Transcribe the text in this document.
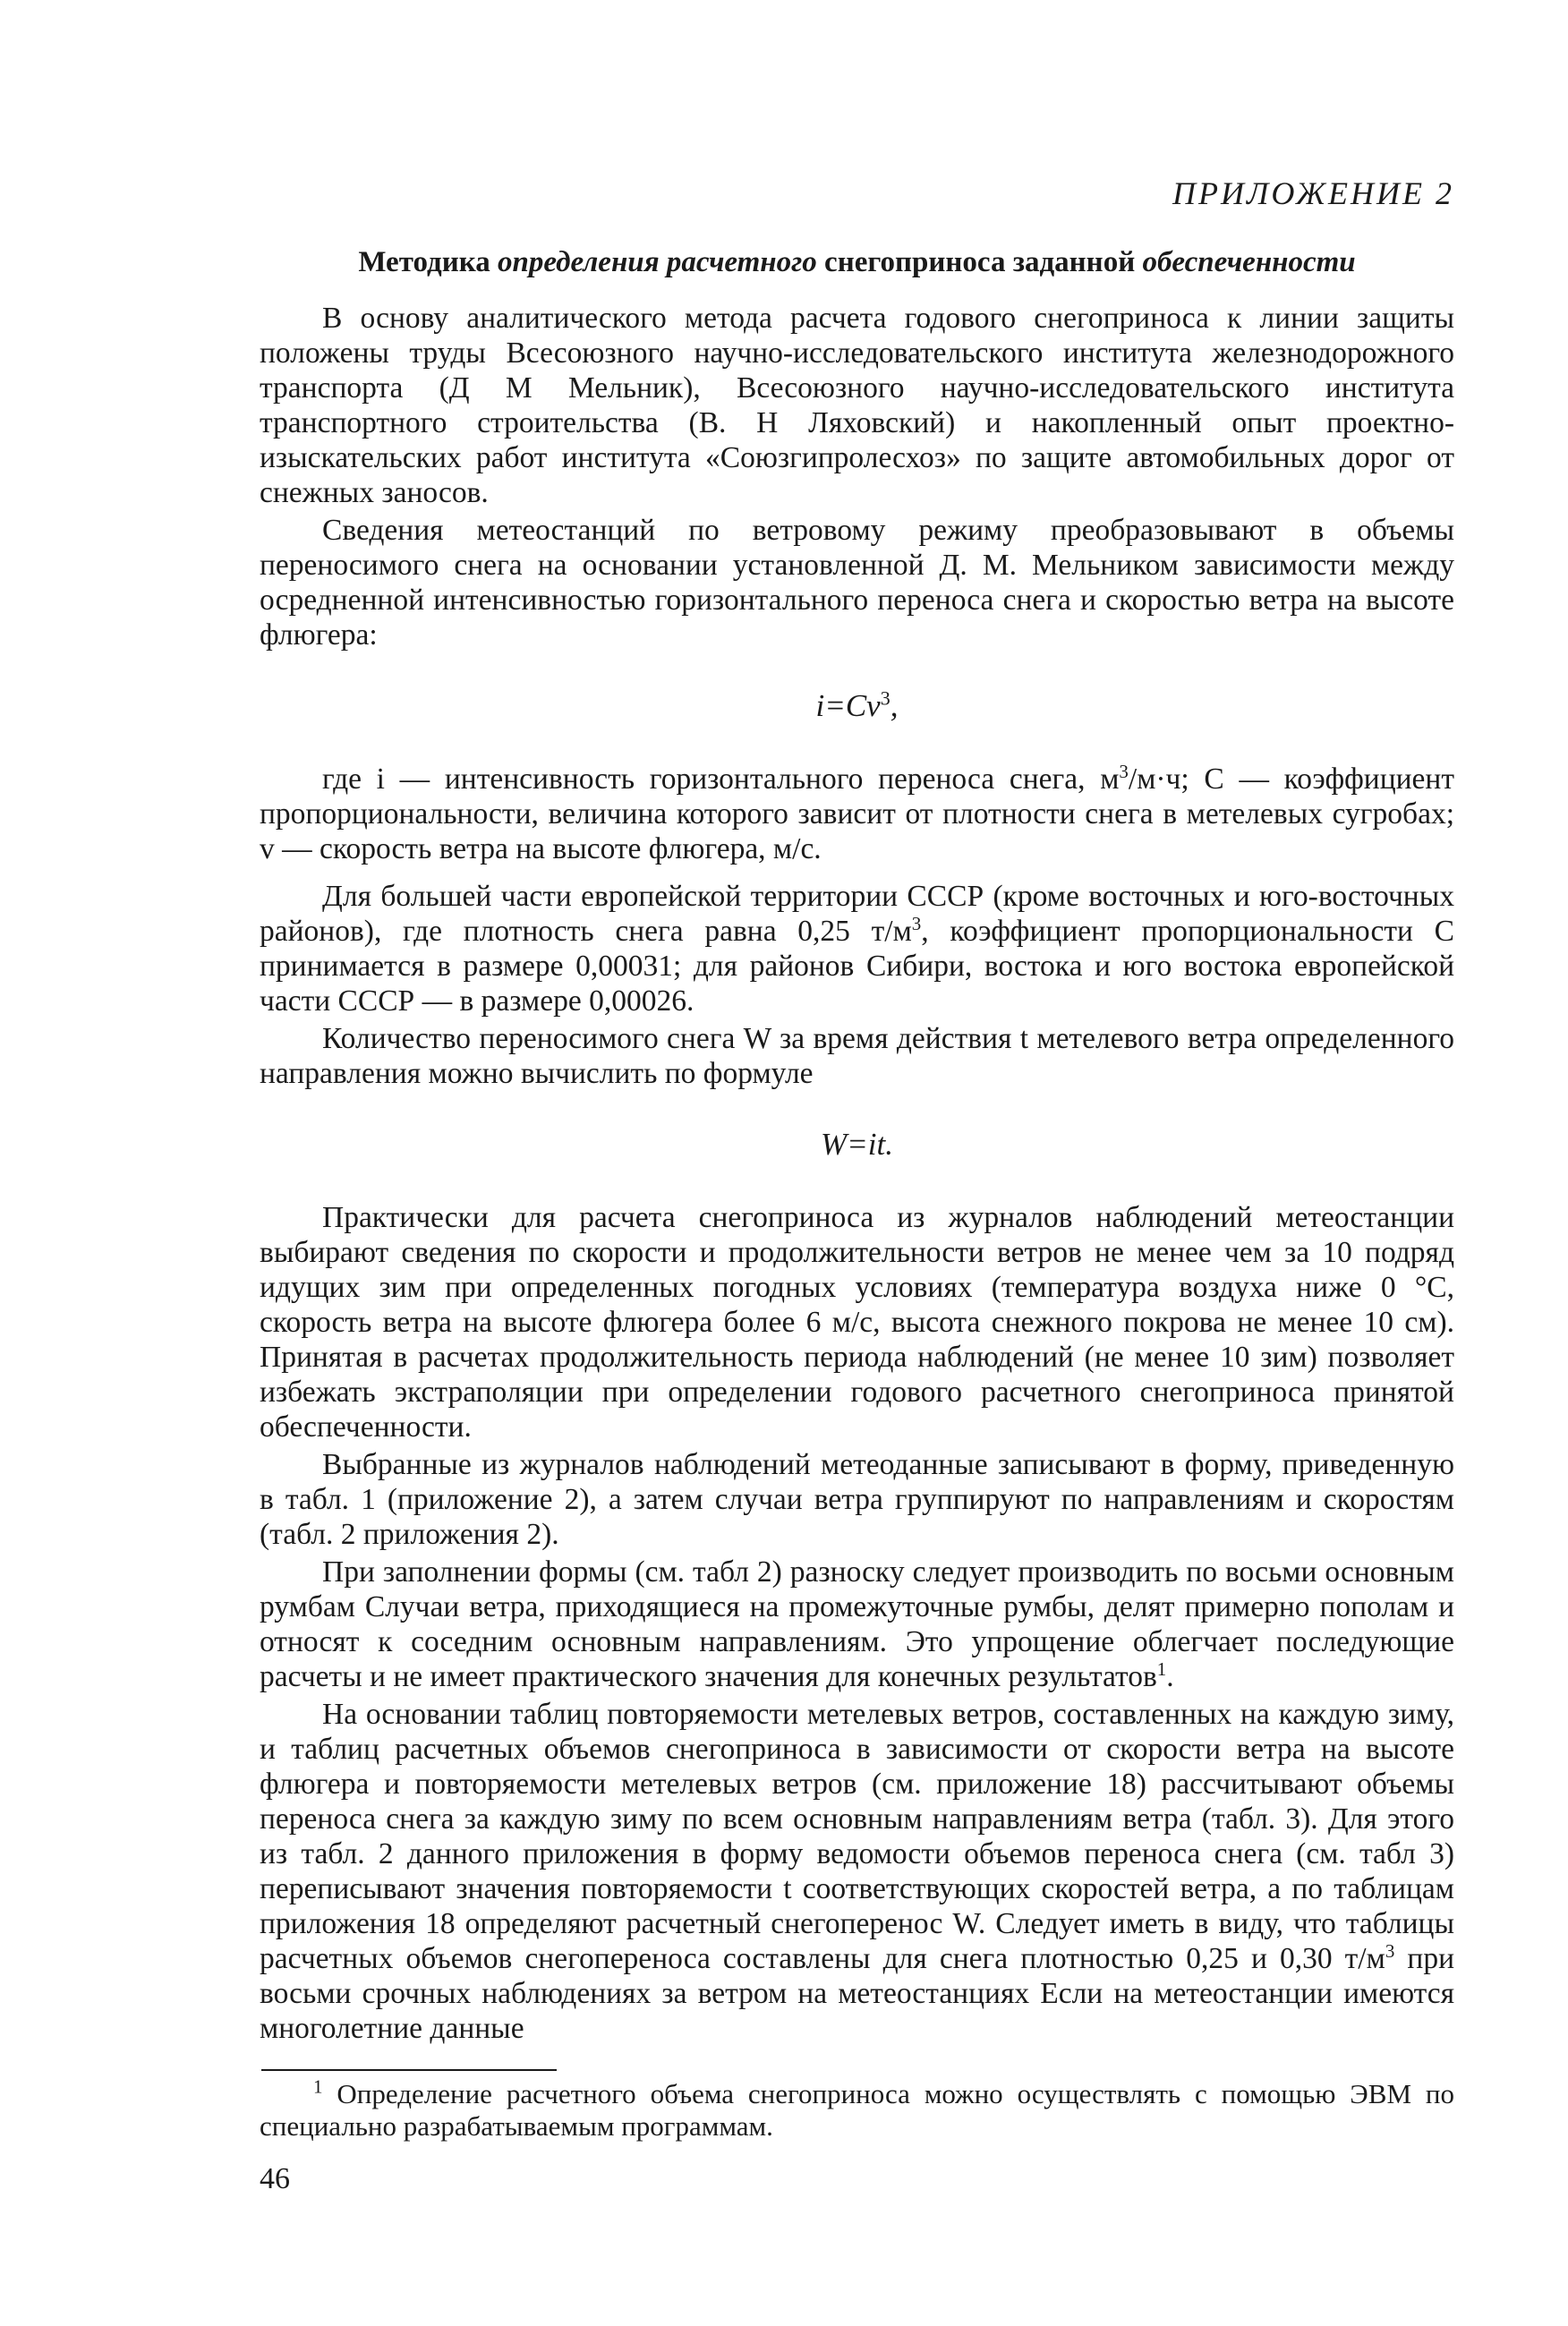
ПРИЛОЖЕНИЕ 2
Методика определения расчетного снегоприноса заданной обеспеченности

В основу аналитического метода расчета годового снегоприноса к линии защиты положены труды Всесоюзного научно-исследовательского института железнодорожного транспорта (Д М Мельник), Всесоюзного научно-исследовательского института транспортного строительства (В. Н Ляховский) и накопленный опыт проектно-изыскательских работ института «Союзгипролесхоз» по защите автомобильных дорог от снежных заносов.

Сведения метеостанций по ветровому режиму преобразовывают в объемы переносимого снега на основании установленной Д. М. Мельником зависимости между осредненной интенсивностью горизонтального переноса снега и скоростью ветра на высоте флюгера:

$i=Cv^3$,

где i — интенсивность горизонтального переноса снега, $м^3/м\cdot ч$; C — коэффициент пропорциональности, величина которого зависит от плотности снега в метелевых сугробах; v — скорость ветра на высоте флюгера, м/с.

Для большей части европейской территории СССР (кроме восточных и юго-восточных районов), где плотность снега равна 0,25 $т/м^3$, коэффициент пропорциональности C принимается в размере 0,00031; для районов Сибири, востока и юго востока европейской части СССР — в размере 0,00026.

Количество переносимого снега W за время действия t метелевого ветра определенного направления можно вычислить по формуле

W=it.

Практически для расчета снегоприноса из журналов наблюдений метеостанции выбирают сведения по скорости и продолжительности ветров не менее чем за 10 подряд идущих зим при определенных погодных условиях (температура воздуха ниже 0 °С, скорость ветра на высоте флюгера более 6 м/с, высота снежного покрова не менее 10 см). Принятая в расчетах продолжительность периода наблюдений (не менее 10 зим) позволяет избежать экстраполяции при определении годового расчетного снегоприноса принятой обеспеченности.

Выбранные из журналов наблюдений метеоданные записывают в форму, приведенную в табл. 1 (приложение 2), а затем случаи ветра группируют по направлениям и скоростям (табл. 2 приложения 2).

При заполнении формы (см. табл 2) разноску следует производить по восьми основным румбам Случаи ветра, приходящиеся на промежуточные румбы, делят примерно пополам и относят к соседним основным направлениям. Это упрощение облегчает последующие расчеты и не имеет практического значения для конечных результатов$^1$.

На основании таблиц повторяемости метелевых ветров, составленных на каждую зиму, и таблиц расчетных объемов снегоприноса в зависимости от скорости ветра на высоте флюгера и повторяемости метелевых ветров (см. приложение 18) рассчитывают объемы переноса снега за каждую зиму по всем основным направлениям ветра (табл. 3). Для этого из табл. 2 данного приложения в форму ведомости объемов переноса снега (см. табл 3) переписывают значения повторяемости t соответствующих скоростей ветра, а по таблицам приложения 18 определяют расчетный снегоперенос W. Следует иметь в виду, что таблицы расчетных объемов снегопереноса составлены для снега плотностью 0,25 и 0,30 $т/м^3$ при восьми срочных наблюдениях за ветром на метеостанциях Если на метеостанции имеются многолетние данные

$^1$ Определение расчетного объема снегоприноса можно осуществлять с помощью ЭВМ по специально разрабатываемым программам.

46
